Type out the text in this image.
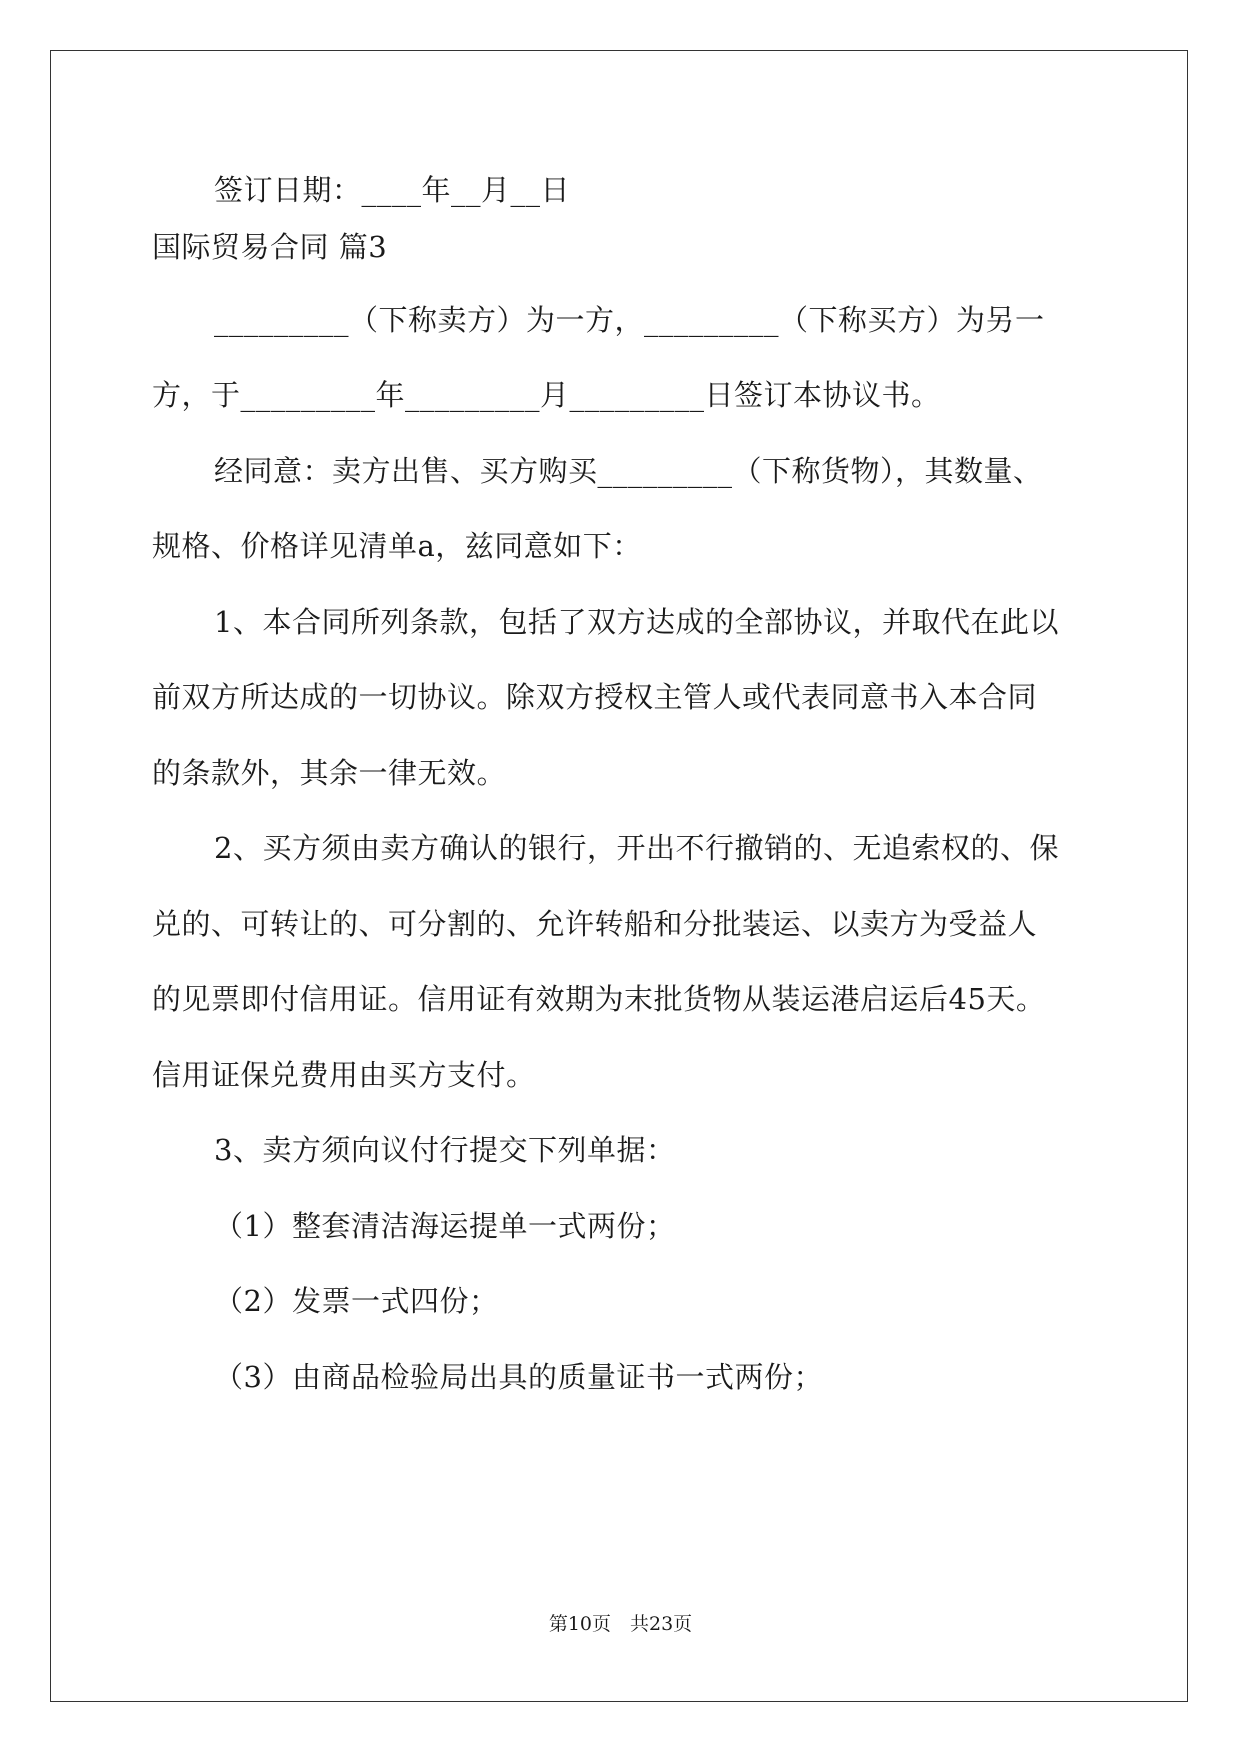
签订日期：____年__月__日
国际贸易合同 篇3
_________（下称卖方）为一方，_________（下称买方）为另一
方，于_________年_________月_________日签订本协议书。
经同意：卖方出售、买方购买_________（下称货物），其数量、
规格、价格详见清单a，兹同意如下：
1、本合同所列条款，包括了双方达成的全部协议，并取代在此以
前双方所达成的一切协议。除双方授权主管人或代表同意书入本合同
的条款外，其余一律无效。
2、买方须由卖方确认的银行，开出不行撤销的、无追索权的、保
兑的、可转让的、可分割的、允许转船和分批装运、以卖方为受益人
的见票即付信用证。信用证有效期为末批货物从装运港启运后45天。
信用证保兑费用由买方支付。
3、卖方须向议付行提交下列单据：
（1）整套清洁海运提单一式两份；
（2）发票一式四份；
（3）由商品检验局出具的质量证书一式两份；
第10页　共23页
